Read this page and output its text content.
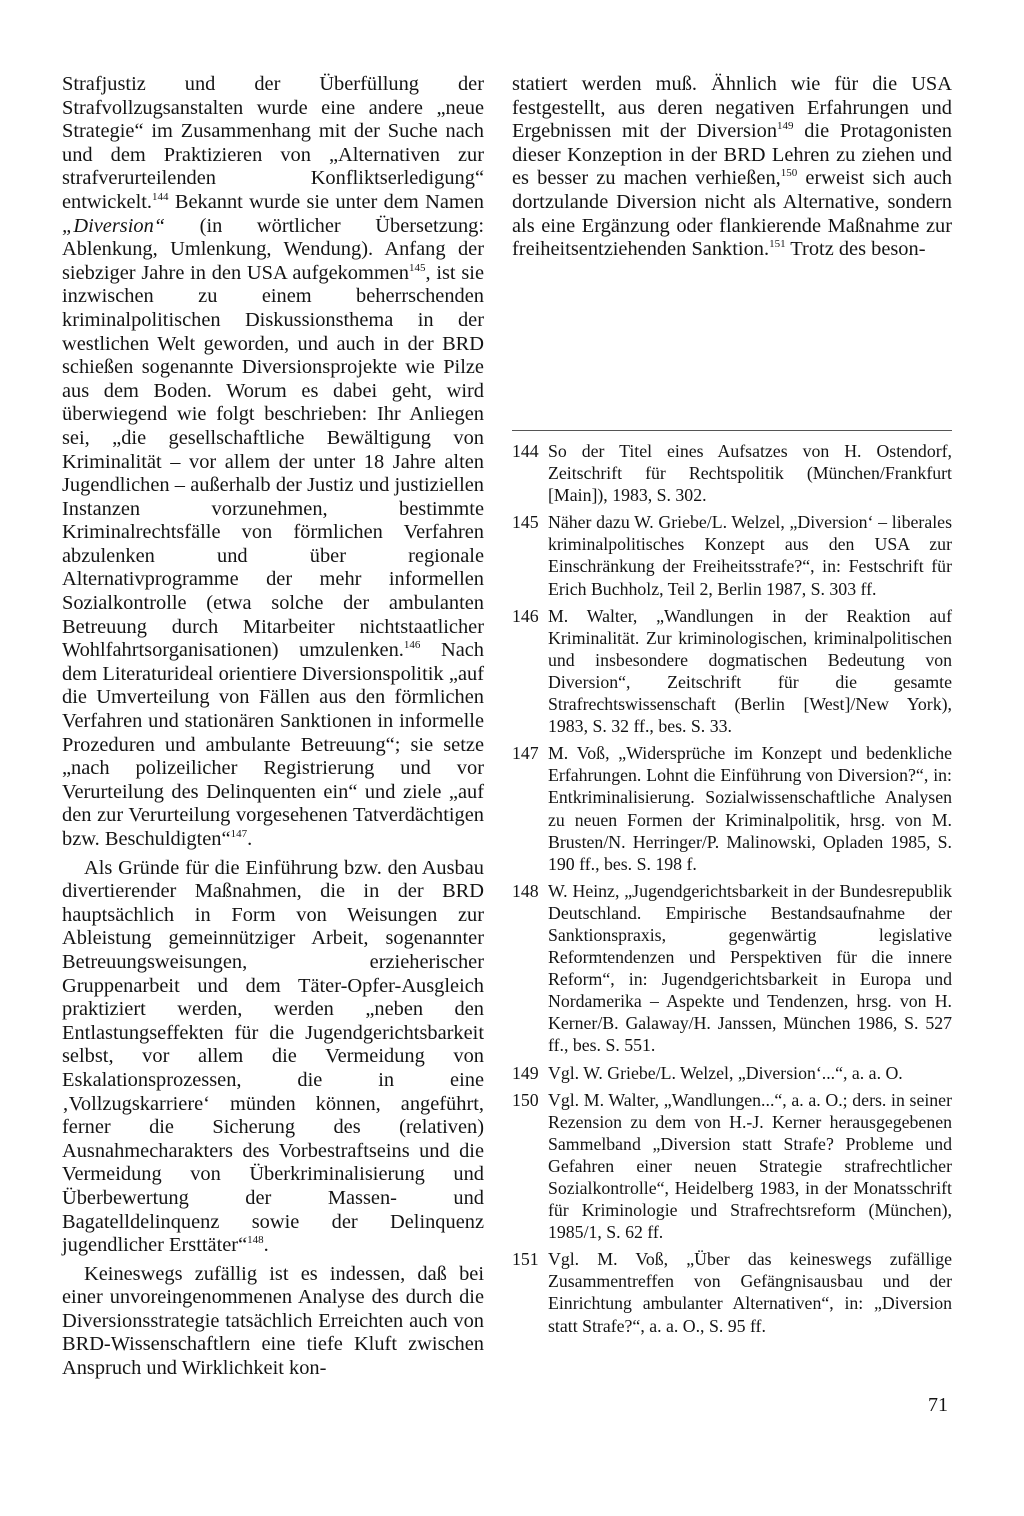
Strafjustiz und der Überfüllung der Strafvollzugsanstalten wurde eine andere „neue Strategie“ im Zusammenhang mit der Suche nach und dem Praktizieren von „Alternativen zur strafverurteilenden Konfliktserledigung“ entwickelt.$^{144}$ Bekannt wurde sie unter dem Namen „Diversion“ (in wörtlicher Übersetzung: Ablenkung, Umlenkung, Wendung). Anfang der siebziger Jahre in den USA aufgekommen$^{145}$, ist sie inzwischen zu einem beherrschenden kriminalpolitischen Diskussionsthema in der westlichen Welt geworden, und auch in der BRD schießen sogenannte Diversionsprojekte wie Pilze aus dem Boden. Worum es dabei geht, wird überwiegend wie folgt beschrieben: Ihr Anliegen sei, „die gesellschaftliche Bewältigung von Kriminalität – vor allem der unter 18 Jahre alten Jugendlichen – außerhalb der Justiz und justiziellen Instanzen vorzunehmen, bestimmte Kriminalrechtsfälle von förmlichen Verfahren abzulenken und über regionale Alternativprogramme der mehr informellen Sozialkontrolle (etwa solche der ambulanten Betreuung durch Mitarbeiter nichtstaatlicher Wohlfahrtsorganisationen) umzulenken.$^{146}$ Nach dem Literaturideal orientiere Diversionspolitik „auf die Umverteilung von Fällen aus den förmlichen Verfahren und stationären Sanktionen in informelle Prozeduren und ambulante Betreuung“; sie setze „nach polizeilicher Registrierung und vor Verurteilung des Delinquenten ein“ und ziele „auf den zur Verurteilung vorgesehenen Tatverdächtigen bzw. Beschuldigten“$^{147}$.

Als Gründe für die Einführung bzw. den Ausbau divertierender Maßnahmen, die in der BRD hauptsächlich in Form von Weisungen zur Ableistung gemeinnütziger Arbeit, sogenannter Betreuungsweisungen, erzieherischer Gruppenarbeit und dem Täter-Opfer-Ausgleich praktiziert werden, werden „neben den Entlastungseffekten für die Jugendgerichtsbarkeit selbst, vor allem die Vermeidung von Eskalationsprozessen, die in eine ‚Vollzugskarriere‘ münden können, angeführt, ferner die Sicherung des (relativen) Ausnahmecharakters des Vorbestraftseins und die Vermeidung von Überkriminalisierung und Überbewertung der Massen- und Bagatelldelinquenz sowie der Delinquenz jugendlicher Ersttäter“$^{148}$.

Keineswegs zufällig ist es indessen, daß bei einer unvoreingenommenen Analyse des durch die Diversionsstrategie tatsächlich Erreichten auch von BRD-Wissenschaftlern eine tiefe Kluft zwischen Anspruch und Wirklichkeit kon-

statiert werden muß. Ähnlich wie für die USA festgestellt, aus deren negativen Erfahrungen und Ergebnissen mit der Diversion$^{149}$ die Protagonisten dieser Konzeption in der BRD Lehren zu ziehen und es besser zu machen verhießen,$^{150}$ erweist sich auch dortzulande Diversion nicht als Alternative, sondern als eine Ergänzung oder flankierende Maßnahme zur freiheitsentziehenden Sanktion.$^{151}$ Trotz des beson-

144 So der Titel eines Aufsatzes von H. Ostendorf, Zeitschrift für Rechtspolitik (München/Frankfurt [Main]), 1983, S. 302.
145 Näher dazu W. Griebe/L. Welzel, „Diversion‘ – liberales kriminalpolitisches Konzept aus den USA zur Einschränkung der Freiheitsstrafe?“, in: Festschrift für Erich Buchholz, Teil 2, Berlin 1987, S. 303 ff.
146 M. Walter, „Wandlungen in der Reaktion auf Kriminalität. Zur kriminologischen, kriminalpolitischen und insbesondere dogmatischen Bedeutung von Diversion“, Zeitschrift für die gesamte Strafrechtswissenschaft (Berlin [West]/New York), 1983, S. 32 ff., bes. S. 33.
147 M. Voß, „Widersprüche im Konzept und bedenkliche Erfahrungen. Lohnt die Einführung von Diversion?“, in: Entkriminalisierung. Sozialwissenschaftliche Analysen zu neuen Formen der Kriminalpolitik, hrsg. von M. Brusten/N. Herringer/P. Malinowski, Opladen 1985, S. 190 ff., bes. S. 198 f.
148 W. Heinz, „Jugendgerichtsbarkeit in der Bundesrepublik Deutschland. Empirische Bestandsaufnahme der Sanktionspraxis, gegenwärtig legislative Reformtendenzen und Perspektiven für die innere Reform“, in: Jugendgerichtsbarkeit in Europa und Nordamerika – Aspekte und Tendenzen, hrsg. von H. Kerner/B. Galaway/H. Janssen, München 1986, S. 527 ff., bes. S. 551.
149 Vgl. W. Griebe/L. Welzel, „Diversion‘...“, a. a. O.
150 Vgl. M. Walter, „Wandlungen...“, a. a. O.; ders. in seiner Rezension zu dem von H.-J. Kerner herausgegebenen Sammelband „Diversion statt Strafe? Probleme und Gefahren einer neuen Strategie strafrechtlicher Sozialkontrolle“, Heidelberg 1983, in der Monatsschrift für Kriminologie und Strafrechtsreform (München), 1985/1, S. 62 ff.
151 Vgl. M. Voß, „Über das keineswegs zufällige Zusammentreffen von Gefängnisausbau und der Einrichtung ambulanter Alternativen“, in: „Diversion statt Strafe?“, a. a. O., S. 95 ff.
71
